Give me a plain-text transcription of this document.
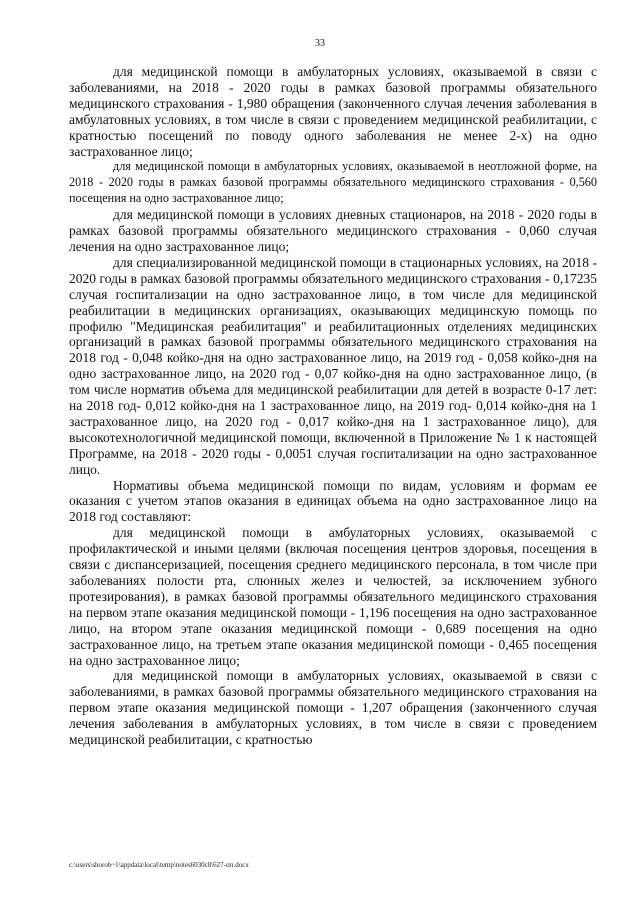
33

для медицинской помощи в амбулаторных условиях, оказываемой в связи с заболеваниями, на 2018 - 2020 годы в рамках базовой программы обязательного медицинского страхования - 1,980 обращения (законченного случая лечения заболевания в амбулатовных условиях, в том числе в связи с проведением медицинской реабилитации, с кратностью посещений по поводу одного заболевания не менее 2-х) на одно застрахованное лицо;

для медицинской помощи в амбулаторных условиях, оказываемой в неотложной форме, на 2018 - 2020 годы в рамках базовой программы обязательного медицинского страхования - 0,560 посещения на одно застрахованное лицо;

для медицинской помощи в условиях дневных стационаров, на 2018 - 2020 годы в рамках базовой программы обязательного медицинского страхования - 0,060 случая лечения на одно застрахованное лицо;

для специализированной медицинской помощи в стационарных условиях, на 2018 - 2020 годы в рамках базовой программы обязательного медицинского страхования - 0,17235 случая госпитализации на одно застрахованное лицо, в том числе для медицинской реабилитации в медицинских организациях, оказывающих медицинскую помощь по профилю "Медицинская реабилитация" и реабилитационных отделениях медицинских организаций в рамках базовой программы обязательного медицинского страхования на 2018 год - 0,048 койко-дня на одно застрахованное лицо, на 2019 год - 0,058 койко-дня на одно застрахованное лицо, на 2020 год - 0,07 койко-дня на одно застрахованное лицо, (в том числе норматив объема для медицинской реабилитации для детей в возрасте 0-17 лет: на 2018 год- 0,012 койко-дня на 1 застрахованное лицо, на 2019 год- 0,014 койко-дня на 1 застрахованное лицо, на 2020 год - 0,017 койко-дня на 1 застрахованное лицо), для высокотехнологичной медицинской помощи, включенной в Приложение № 1 к настоящей Программе, на 2018 - 2020 годы - 0,0051 случая госпитализации на одно застрахованное лицо.

Нормативы объема медицинской помощи по видам, условиям и формам ее оказания с учетом этапов оказания в единицах объема на одно застрахованное лицо на 2018 год составляют:

для медицинской помощи в амбулаторных условиях, оказываемой с профилактической и иными целями (включая посещения центров здоровья, посещения в связи с диспансеризацией, посещения среднего медицинского персонала, в том числе при заболеваниях полости рта, слюнных желез и челюстей, за исключением зубного протезирования), в рамках базовой программы обязательного медицинского страхования на первом этапе оказания медицинской помощи - 1,196 посещения на одно застрахованное лицо, на втором этапе оказания медицинской помощи - 0,689 посещения на одно застрахованное лицо, на третьем этапе оказания медицинской помощи - 0,465 посещения на одно застрахованное лицо;

для медицинской помощи в амбулаторных условиях, оказываемой в связи с заболеваниями, в рамках базовой программы обязательного медицинского страхования на первом этапе оказания медицинской помощи - 1,207 обращения (законченного случая лечения заболевания в амбулаторных условиях, в том числе в связи с проведением медицинской реабилитации, с кратностью

c:\users\shorob~1\appdata\local\temp\notes6030c8\627-пп.docx
